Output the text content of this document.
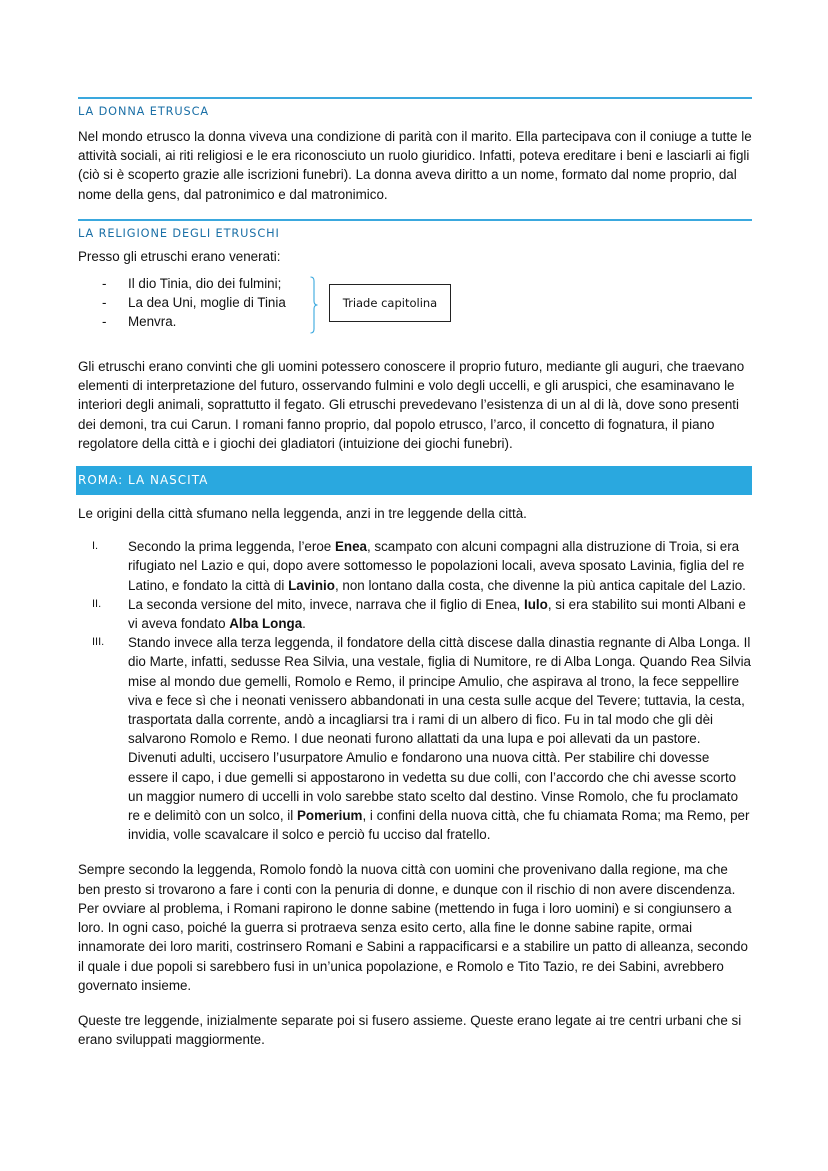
LA DONNA ETRUSCA

Nel mondo etrusco la donna viveva una condizione di parità con il marito. Ella partecipava con il coniuge a tutte le attività sociali, ai riti religiosi e le era riconosciuto un ruolo giuridico. Infatti, poteva ereditare i beni e lasciarli ai figli (ciò si è scoperto grazie alle iscrizioni funebri). La donna aveva diritto a un nome, formato dal nome proprio, dal nome della gens, dal patronimico e dal matronimico.

LA RELIGIONE DEGLI ETRUSCHI

Presso gli etruschi erano venerati:

- Il dio Tinia, dio dei fulmini;
- La dea Uni, moglie di Tinia
- Menvra.
Triade capitolina

Gli etruschi erano convinti che gli uomini potessero conoscere il proprio futuro, mediante gli auguri, che traevano elementi di interpretazione del futuro, osservando fulmini e volo degli uccelli, e gli aruspici, che esaminavano le interiori degli animali, soprattutto il fegato. Gli etruschi prevedevano l’esistenza di un al di là, dove sono presenti dei demoni, tra cui Carun. I romani fanno proprio, dal popolo etrusco, l’arco, il concetto di fognatura, il piano regolatore della città e i giochi dei gladiatori (intuizione dei giochi funebri).

ROMA: LA NASCITA

Le origini della città sfumano nella leggenda, anzi in tre leggende della città.

I. Secondo la prima leggenda, l’eroe Enea, scampato con alcuni compagni alla distruzione di Troia, si era rifugiato nel Lazio e qui, dopo avere sottomesso le popolazioni locali, aveva sposato Lavinia, figlia del re Latino, e fondato la città di Lavinio, non lontano dalla costa, che divenne la più antica capitale del Lazio.
II. La seconda versione del mito, invece, narrava che il figlio di Enea, Iulo, si era stabilito sui monti Albani e vi aveva fondato Alba Longa.
III. Stando invece alla terza leggenda, il fondatore della città discese dalla dinastia regnante di Alba Longa. Il dio Marte, infatti, sedusse Rea Silvia, una vestale, figlia di Numitore, re di Alba Longa. Quando Rea Silvia mise al mondo due gemelli, Romolo e Remo, il principe Amulio, che aspirava al trono, la fece seppellire viva e fece sì che i neonati venissero abbandonati in una cesta sulle acque del Tevere; tuttavia, la cesta, trasportata dalla corrente, andò a incagliarsi tra i rami di un albero di fico. Fu in tal modo che gli dèi salvarono Romolo e Remo. I due neonati furono allattati da una lupa e poi allevati da un pastore. Divenuti adulti, uccisero l’usurpatore Amulio e fondarono una nuova città. Per stabilire chi dovesse essere il capo, i due gemelli si appostarono in vedetta su due colli, con l’accordo che chi avesse scorto un maggior numero di uccelli in volo sarebbe stato scelto dal destino. Vinse Romolo, che fu proclamato re e delimitò con un solco, il Pomerium, i confini della nuova città, che fu chiamata Roma; ma Remo, per invidia, volle scavalcare il solco e perciò fu ucciso dal fratello.

Sempre secondo la leggenda, Romolo fondò la nuova città con uomini che provenivano dalla regione, ma che ben presto si trovarono a fare i conti con la penuria di donne, e dunque con il rischio di non avere discendenza. Per ovviare al problema, i Romani rapirono le donne sabine (mettendo in fuga i loro uomini) e si congiunsero a loro. In ogni caso, poiché la guerra si protraeva senza esito certo, alla fine le donne sabine rapite, ormai innamorate dei loro mariti, costrinsero Romani e Sabini a rappacificarsi e a stabilire un patto di alleanza, secondo il quale i due popoli si sarebbero fusi in un’unica popolazione, e Romolo e Tito Tazio, re dei Sabini, avrebbero governato insieme.

Queste tre leggende, inizialmente separate poi si fusero assieme. Queste erano legate ai tre centri urbani che si erano sviluppati maggiormente.
